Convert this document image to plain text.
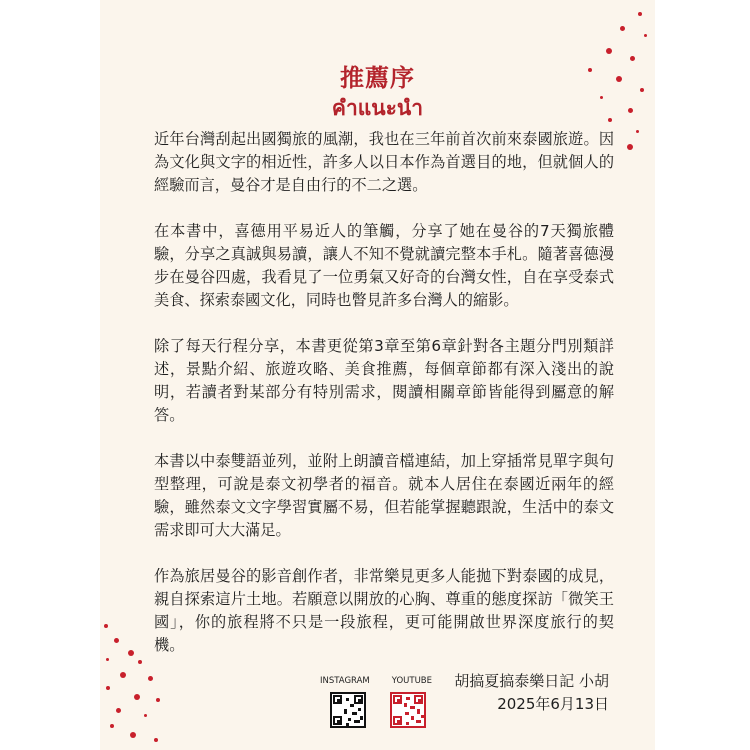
推薦序
คำแนะนำ

近年台灣刮起出國獨旅的風潮，我也在三年前首次前來泰國旅遊。因為文化與文字的相近性，許多人以日本作為首選目的地，但就個人的經驗而言，曼谷才是自由行的不二之選。

在本書中，喜德用平易近人的筆觸，分享了她在曼谷的7天獨旅體驗，分享之真誠與易讀，讓人不知不覺就讀完整本手札。隨著喜德漫步在曼谷四處，我看見了一位勇氣又好奇的台灣女性，自在享受泰式美食、探索泰國文化，同時也瞥見許多台灣人的縮影。

除了每天行程分享，本書更從第3章至第6章針對各主題分門別類詳述，景點介紹、旅遊攻略、美食推薦，每個章節都有深入淺出的說明，若讀者對某部分有特別需求，閱讀相關章節皆能得到屬意的解答。

本書以中泰雙語並列，並附上朗讀音檔連結，加上穿插常見單字與句型整理，可說是泰文初學者的福音。就本人居住在泰國近兩年的經驗，雖然泰文文字學習實屬不易，但若能掌握聽跟說，生活中的泰文需求即可大大滿足。

作為旅居曼谷的影音創作者，非常樂見更多人能拋下對泰國的成見，親自探索這片土地。若願意以開放的心胸、尊重的態度探訪「微笑王國」，你的旅程將不只是一段旅程，更可能開啟世界深度旅行的契機。

INSTAGRAM	YOUTUBE 胡搞夏搞泰樂日記 小胡
2025年6月13日
